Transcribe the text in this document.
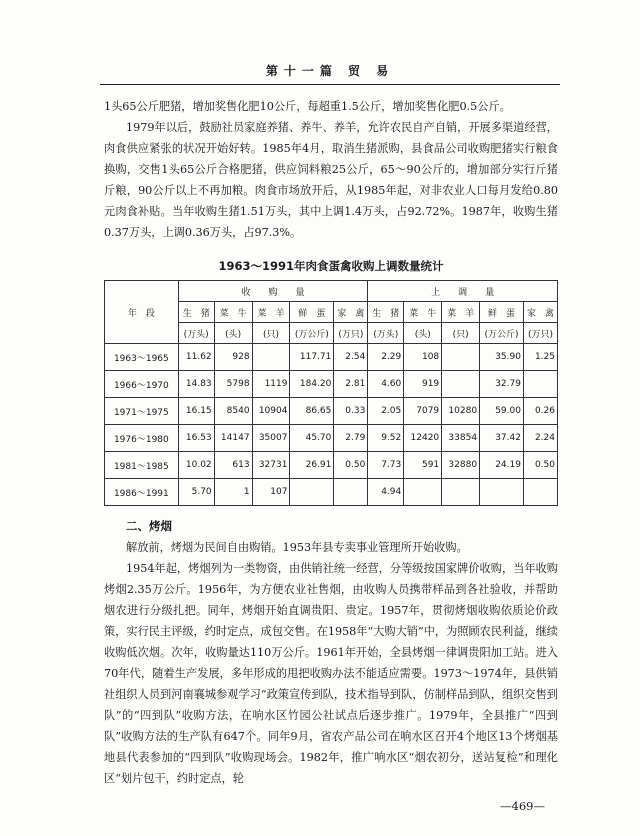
第十一篇 贸 易
1头65公斤肥猪，增加奖售化肥10公斤，每超重1.5公斤，增加奖售化肥0.5公斤。
1979年以后，鼓励社员家庭养猪、养牛、养羊，允许农民自产自销，开展多渠道经营，肉食供应紧张的状况开始好转。1985年4月，取消生猪派购，县食品公司收购肥猪实行粮食换购，交售1头65公斤合格肥猪，供应饲料粮25公斤，65～90公斤的，增加部分实行斤猪斤粮，90公斤以上不再加粮。肉食市场放开后，从1985年起，对非农业人口每月发给0.80元肉食补贴。当年收购生猪1.51万头，其中上调1.4万头，占92.72%。1987年，收购生猪0.37万头，上调0.36万头，占97.3%。
1963～1991年肉食蛋禽收购上调数量统计
年　段	收　　购　　量					上　　调　　量				
	生　猪	菜　牛	菜　羊	鲜　蛋	家　禽	生　猪	菜　牛	菜　羊	鲜　蛋	家　禽
	(万头)	(头)	(只)	(万公斤)	(万只)	(万头)	(头)	(只)	(万公斤)	(万只)
1963～1965	11.62	928		117.71	2.54	2.29	108		35.90	1.25
1966～1970	14.83	5798	1119	184.20	2.81	4.60	919		32.79	
1971～1975	16.15	8540	10904	86.65	0.33	2.05	7079	10280	59.00	0.26
1976～1980	16.53	14147	35007	45.70	2.79	9.52	12420	33854	37.42	2.24
1981～1985	10.02	613	32731	26.91	0.50	7.73	591	32880	24.19	0.50
1986～1991	5.70	1	107			4.94				
二、烤烟
解放前，烤烟为民间自由购销。1953年县专卖事业管理所开始收购。
1954年起，烤烟列为一类物资，由供销社统一经营，分等级按国家牌价收购，当年收购烤烟2.35万公斤。1956年，为方便农业社售烟，由收购人员携带样品到各社验收，并帮助烟农进行分级扎把。同年，烤烟开始直调贵阳、贵定。1957年，贯彻烤烟收购依质论价政策，实行民主评级，约时定点，成包交售。在1958年“大购大销”中，为照顾农民利益，继续收购低次烟。次年，收购量达110万公斤。1961年开始，全县烤烟一律调贵阳加工站。进入70年代，随着生产发展，多年形成的甩把收购办法不能适应需要。1973～1974年，县供销社组织人员到河南襄城参观学习“政策宣传到队，技术指导到队，仿制样品到队，组织交售到队”的“四到队”收购方法，在响水区竹园公社试点后逐步推广。1979年，全县推广“四到队”收购方法的生产队有647个。同年9月，省农产品公司在响水区召开4个地区13个烤烟基地县代表参加的“四到队”收购现场会。1982年，推广响水区“烟农初分，送站复检”和理化区“划片包干，约时定点，轮
—469—
